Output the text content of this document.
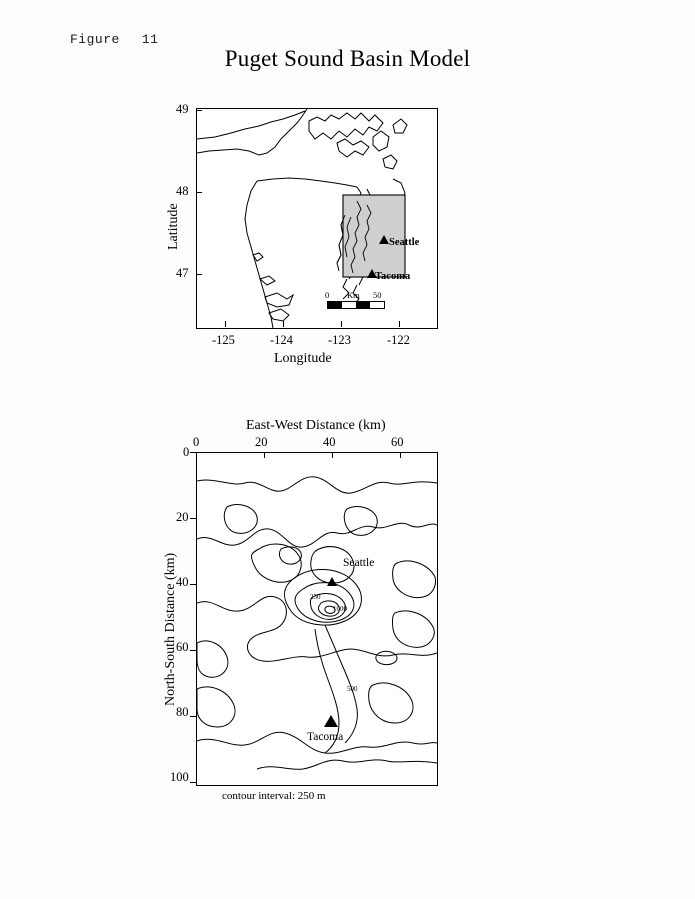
Figure 11
Puget Sound Basin Model
49
48
47
-125	-124	-123	-122
Latitude
Longitude
Seattle
Tacoma
0 Km 50
East-West Distance (km)
North-South Distance (km)
0	20	40	60
0
20
40
60
80
100
250
1000
500
Seattle
Tacoma
contour interval: 250 m
